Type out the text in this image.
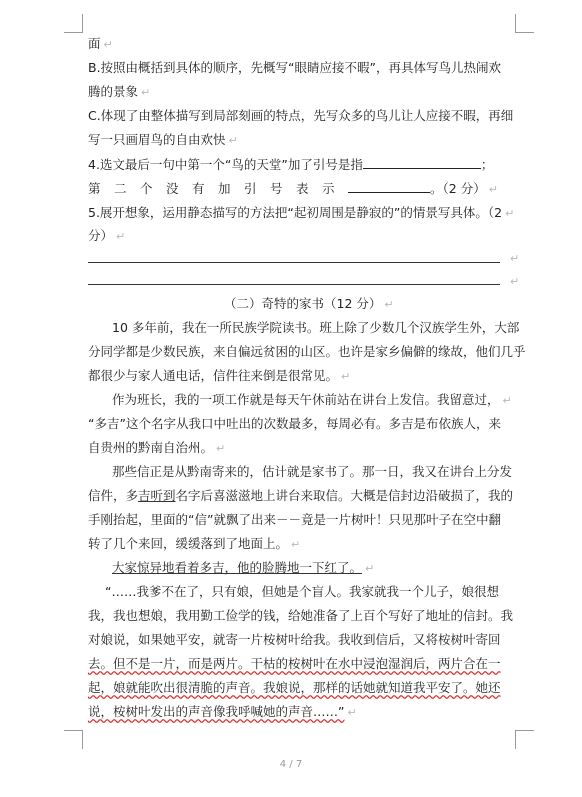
面 ↵
B.按照由概括到具体的顺序，先概写“眼睛应接不暇”，再具体写鸟儿热闹欢
腾的景象 ↵
C.体现了由整体描写到局部刻画的特点，先写众多的鸟儿让人应接不暇，再细
写一只画眉鸟的自由欢快 ↵
4.选文最后一句中第一个“鸟的天堂”加了引号是指	；
第二个没有加引号表示	。（2 分） ↵
5.展开想象，运用静态描写的方法把“起初周围是静寂的”的情景写具体。（2 ↵
分） ↵
↵
↵
（二）奇特的家书（12 分） ↵
10 多年前，我在一所民族学院读书。班上除了少数几个汉族学生外，大部
分同学都是少数民族，来自偏远贫困的山区。也许是家乡偏僻的缘故，他们几乎
都很少与家人通电话，信件往来倒是很常见。 ↵
作为班长，我的一项工作就是每天午休前站在讲台上发信。我留意过， ↵
“多吉”这个名字从我口中吐出的次数最多，每周必有。多吉是布依族人，来
自贵州的黔南自治州。 ↵
那些信正是从黔南寄来的，估计就是家书了。那一日，我又在讲台上分发
信件，多吉听到名字后喜滋滋地上讲台来取信。大概是信封边沿破损了，我的
手刚抬起，里面的“信”就飘了出来－－竟是一片树叶！只见那叶子在空中翻
转了几个来回，缓缓落到了地面上。 ↵
大家惊异地看着多吉，他的脸腾地一下红了。 ↵
“……我爹不在了，只有娘，但她是个盲人。我家就我一个儿子，娘很想
我，我也想娘，我用勤工俭学的钱，给她准备了上百个写好了地址的信封。我
对娘说，如果她平安，就寄一片桉树叶给我。我收到信后，又将桉树叶寄回
去。但不是一片，而是两片。干枯的桉树叶在水中浸泡湿润后，两片合在一
起，娘就能吹出很清脆的声音。我娘说，那样的话她就知道我平安了。她还
说，桉树叶发出的声音像我呼喊她的声音……” ↵
4 / 7
